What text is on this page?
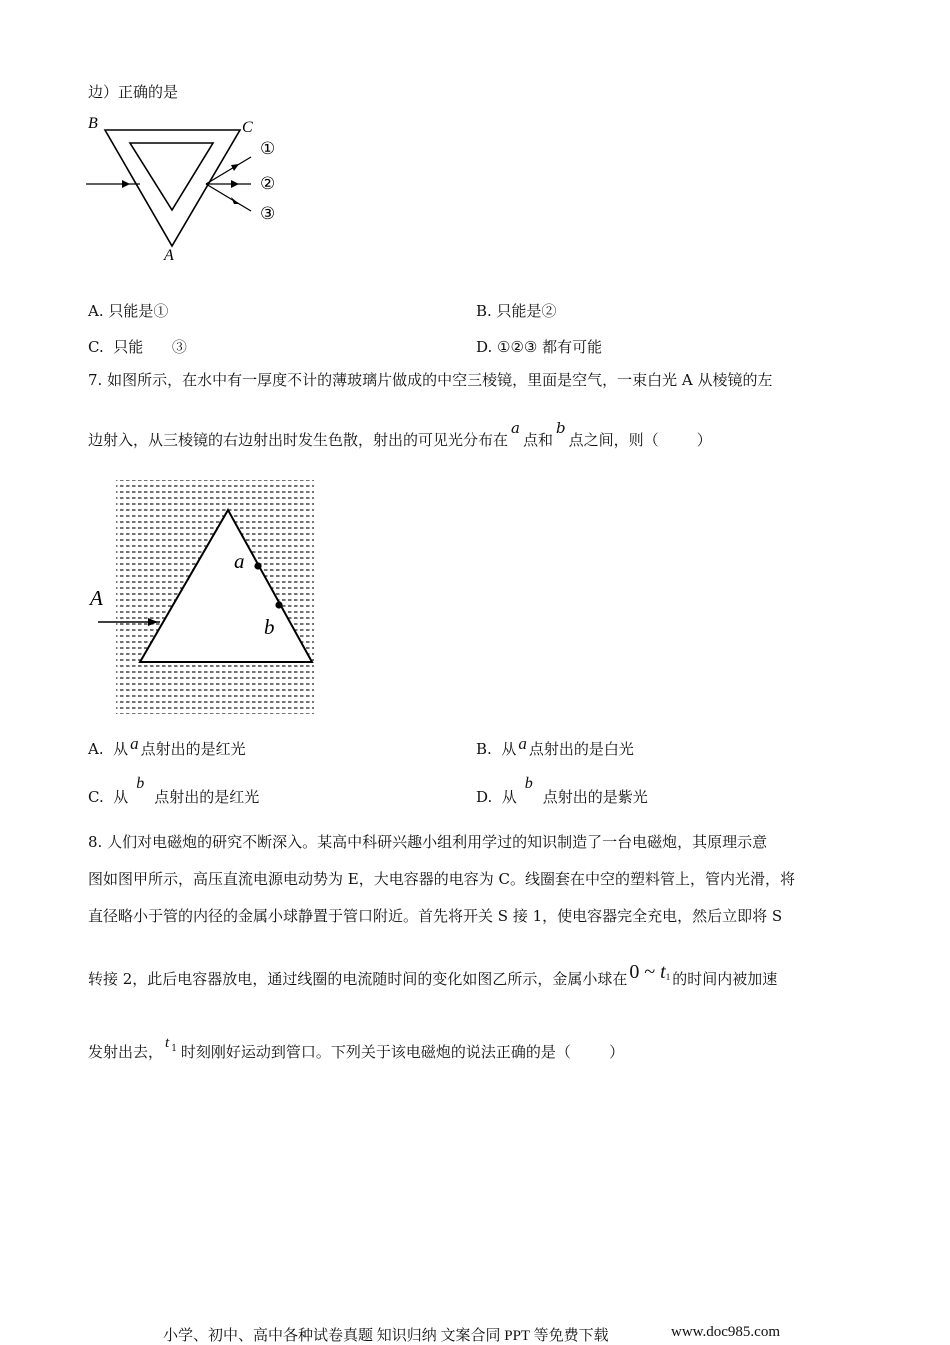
边）正确的是
B	C
A
①
②
③
A. 只能是①	B. 只能是②
C.  只能      ③	D. ①②③ 都有可能
7. 如图所示，在水中有一厚度不计的薄玻璃片做成的中空三棱镜，里面是空气，一束白光 A 从棱镜的左
边射入，从三棱镜的右边射出时发生色散，射出的可见光分布在a点和b点之间，则（        ）
A
a
b
A.  从 a 点射出的是红光	B.  从 a 点射出的是白光
C.  从b点射出的是红光	D.  从b点射出的是紫光
8. 人们对电磁炮的研究不断深入。某高中科研兴趣小组利用学过的知识制造了一台电磁炮，其原理示意
图如图甲所示，高压直流电源电动势为 E，大电容器的电容为 C。线圈套在中空的塑料管上，管内光滑，将
直径略小于管的内径的金属小球静置于管口附近。首先将开关 S 接 1，使电容器完全充电，然后立即将 S
转接 2，此后电容器放电，通过线圈的电流随时间的变化如图乙所示，金属小球在 0 ~ t1 的时间内被加速
发射出去， t $^1$ 时刻刚好运动到管口。下列关于该电磁炮的说法正确的是（        ）
小学、初中、高中各种试卷真题 知识归纳 文案合同 PPT 等免费下载	www.doc985.com
